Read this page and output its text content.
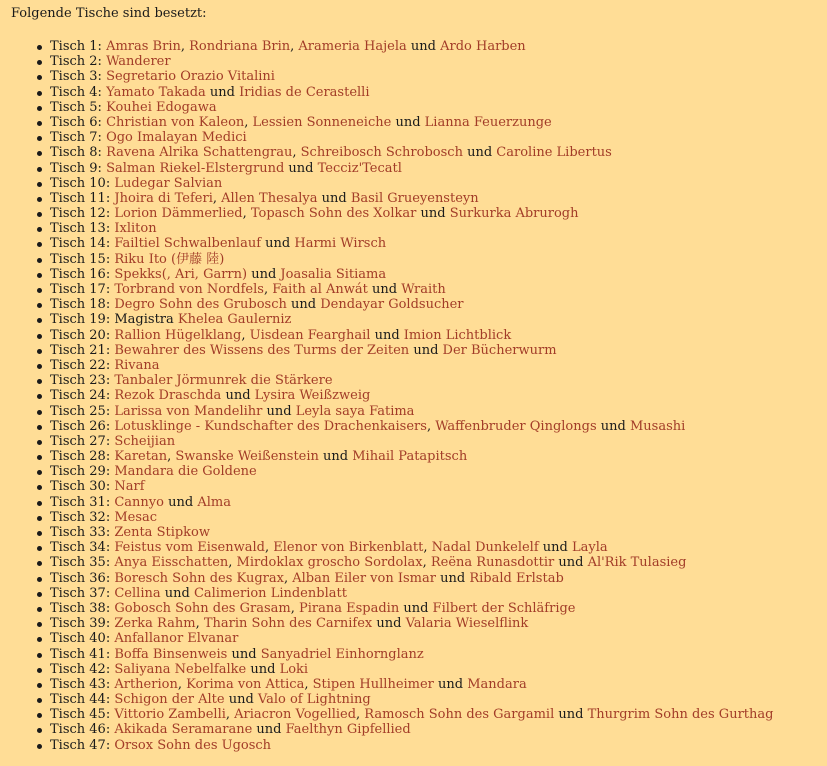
Folgende Tische sind besetzt:

Tisch 1: Amras Brin, Rondriana Brin, Arameria Hajela und Ardo Harben
Tisch 2: Wanderer
Tisch 3: Segretario Orazio Vitalini
Tisch 4: Yamato Takada und Iridias de Cerastelli
Tisch 5: Kouhei Edogawa
Tisch 6: Christian von Kaleon, Lessien Sonneneiche und Lianna Feuerzunge
Tisch 7: Ogo Imalayan Medici
Tisch 8: Ravena Alrika Schattengrau, Schreibosch Schrobosch und Caroline Libertus
Tisch 9: Salman Riekel-Elstergrund und Tecciz'Tecatl
Tisch 10: Ludegar Salvian
Tisch 11: Jhoira di Teferi, Allen Thesalya und Basil Grueyensteyn
Tisch 12: Lorion Dämmerlied, Topasch Sohn des Xolkar und Surkurka Abrurogh
Tisch 13: Ixliton
Tisch 14: Failtiel Schwalbenlauf und Harmi Wirsch
Tisch 15: Riku Ito (伊藤 陸)
Tisch 16: Spekks(, Ari, Garrn) und Joasalia Sitiama
Tisch 17: Torbrand von Nordfels, Faith al Anwát und Wraith
Tisch 18: Degro Sohn des Grubosch und Dendayar Goldsucher
Tisch 19: Magistra Khelea Gaulerniz
Tisch 20: Rallion Hügelklang, Uisdean Fearghail und Imion Lichtblick
Tisch 21: Bewahrer des Wissens des Turms der Zeiten und Der Bücherwurm
Tisch 22: Rivana
Tisch 23: Tanbaler Jörmunrek die Stärkere
Tisch 24: Rezok Draschda und Lysira Weißzweig
Tisch 25: Larissa von Mandelihr und Leyla saya Fatima
Tisch 26: Lotusklinge - Kundschafter des Drachenkaisers, Waffenbruder Qinglongs und Musashi
Tisch 27: Scheijian
Tisch 28: Karetan, Swanske Weißenstein und Mihail Patapitsch
Tisch 29: Mandara die Goldene
Tisch 30: Narf
Tisch 31: Cannyo und Alma
Tisch 32: Mesac
Tisch 33: Zenta Stipkow
Tisch 34: Feistus vom Eisenwald, Elenor von Birkenblatt, Nadal Dunkelelf und Layla
Tisch 35: Anya Eisschatten, Mirdoklax groscho Sordolax, Reëna Runasdottir und Al'Rik Tulasieg
Tisch 36: Boresch Sohn des Kugrax, Alban Eiler von Ismar und Ribald Erlstab
Tisch 37: Cellina und Calimerion Lindenblatt
Tisch 38: Gobosch Sohn des Grasam, Pirana Espadin und Filbert der Schläfrige
Tisch 39: Zerka Rahm, Tharin Sohn des Carnifex und Valaria Wieselflink
Tisch 40: Anfallanor Elvanar
Tisch 41: Boffa Binsenweis und Sanyadriel Einhornglanz
Tisch 42: Saliyana Nebelfalke und Loki
Tisch 43: Artherion, Korima von Attica, Stipen Hullheimer und Mandara
Tisch 44: Schigon der Alte und Valo of Lightning
Tisch 45: Vittorio Zambelli, Ariacron Vogellied, Ramosch Sohn des Gargamil und Thurgrim Sohn des Gurthag
Tisch 46: Akikada Seramarane und Faelthyn Gipfellied
Tisch 47: Orsox Sohn des Ugosch
